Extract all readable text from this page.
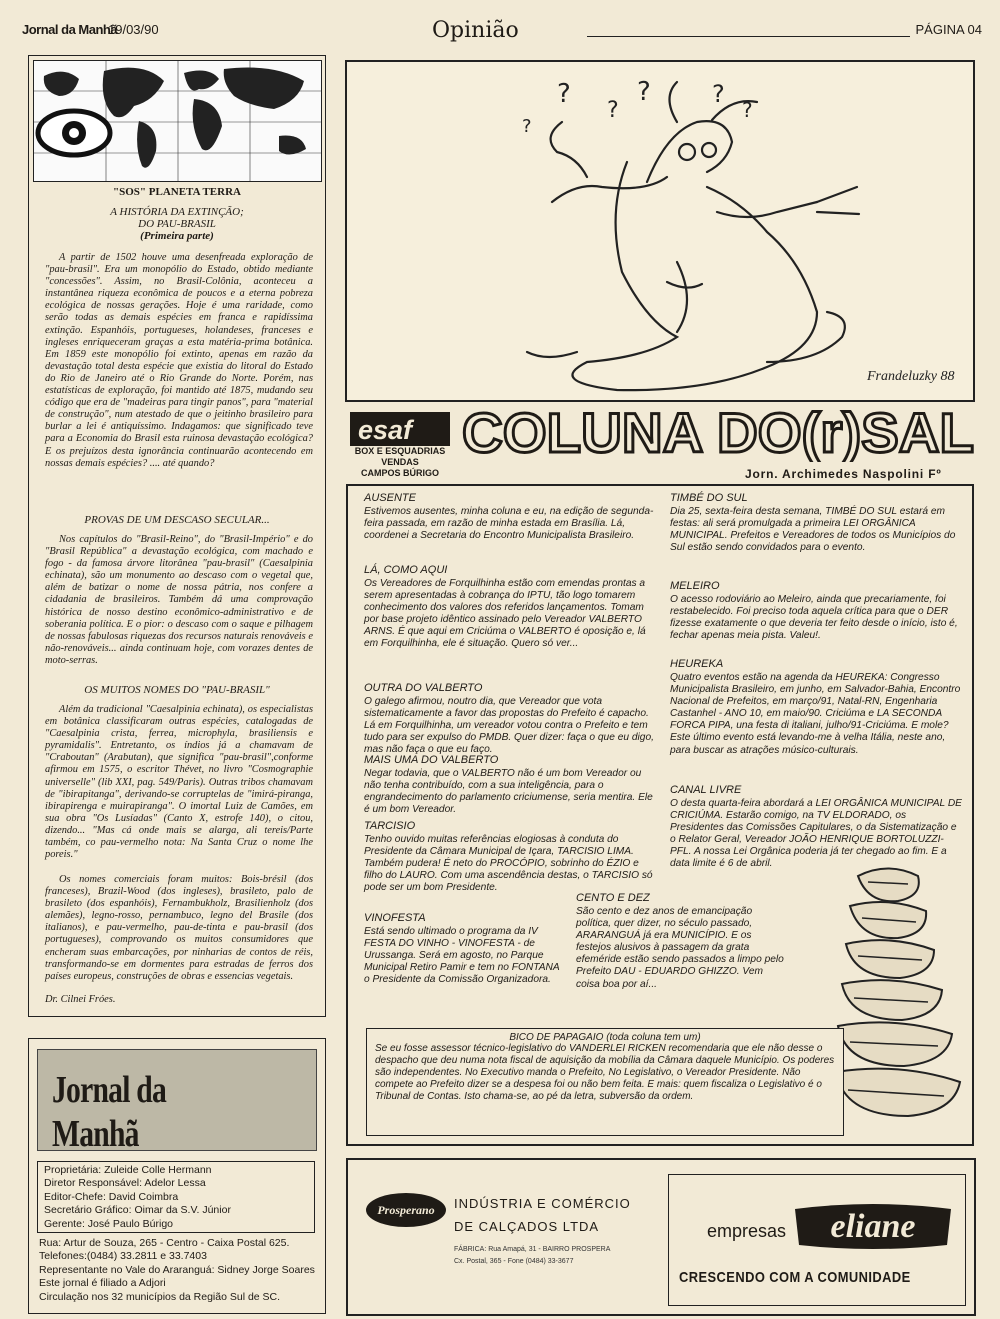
Jornal da Manhã
19/03/90	Opinião	PÁGINA 04
"SOS" PLANETA TERRA
A HISTÓRIA DA EXTINÇÃO;
DO PAU-BRASIL
(Primeira parte)

A partir de 1502 houve uma desenfreada exploração de "pau-brasil". Era um monopólio do Estado, obtido mediante "concessões". Assim, no Brasil-Colônia, aconteceu a instantânea riqueza econômica de poucos e a eterna pobreza ecológica de nossas gerações. Hoje é uma raridade, como serão todas as demais espécies em franca e rapidíssima extinção. Espanhóis, portugueses, holandeses, franceses e ingleses enriqueceram graças a esta matéria-prima botânica. Em 1859 este monopólio foi extinto, apenas em razão da devastação total desta espécie que existia do litoral do Estado do Rio de Janeiro até o Rio Grande do Norte. Porém, nas estatísticas de exploração, foi mantido até 1875, mudando seu código que era de "madeiras para tingir panos", para "material de construção", num atestado de que o jeitinho brasileiro para burlar a lei é antiquíssimo. Indagamos: que significado teve para a Economia do Brasil esta ruinosa devastação ecológica? E os prejuízos desta ignorância continuarão acontecendo em nossas demais espécies? .... até quando?

PROVAS DE UM DESCASO SECULAR...

Nos capítulos do "Brasil-Reino", do "Brasil-Império" e do "Brasil República" a devastação ecológica, com machado e fogo - da famosa árvore litorânea "pau-brasil" (Caesalpinia echinata), são um monumento ao descaso com o vegetal que, além de batizar o nome de nossa pátria, nos confere a cidadania de brasileiros. Também dá uma comprovação histórica de nosso destino econômico-administrativo e de soberania política. E o pior: o descaso com o saque e pilhagem de nossas fabulosas riquezas dos recursos naturais renováveis e não-renováveis... ainda continuam hoje, com vorazes dentes de moto-serras.

OS MUITOS NOMES DO "PAU-BRASIL"

Além da tradicional "Caesalpinia echinata), os especialistas em botânica classificaram outras espécies, catalogadas de "Caesalpinia crista, ferrea, microphyla, brasiliensis e pyramidalis". Entretanto, os índios já a chamavam de "Craboutan" (Arabutan), que significa "pau-brasil",conforme afirmou em 1575, o escritor Thévet, no livro "Cosmographie universelle" (lib XXI, pag. 549/Paris). Outras tribos chamavam de "ibirapitanga", derivando-se corruptelas de "imirá-piranga, ibirapirenga e muirapiranga". O imortal Luiz de Camões, em sua obra "Os Lusíadas" (Canto X, estrofe 140), o citou, dizendo... "Mas cá onde mais se alarga, ali tereis/Parte também, co pau-vermelho nota: Na Santa Cruz o nome lhe poreis."

Os nomes comerciais foram muitos: Bois-brésil (dos franceses), Brazil-Wood (dos ingleses), brasileto, palo de brasileto (dos espanhóis), Fernambukholz, Brasilienholz (dos alemães), legno-rosso, pernambuco, legno del Brasile (dos italianos), e pau-vermelho, pau-de-tinta e pau-brasil (dos portugueses), comprovando os muitos consumidores que encheram suas embarcações, por ninharias de contos de réis, transformando-se em dormentes para estradas de ferros dos países europeus, construções de obras e essencias vegetais.

Dr. Cilnei Fróes.

Jornal da Manhã
Proprietária: Zuleide Colle Hermann
Diretor Responsável: Adelor Lessa
Editor-Chefe: David Coimbra
Secretário Gráfico: Oimar da S.V. Júnior
Gerente: José Paulo Búrigo
Rua: Artur de Souza, 265 - Centro - Caixa Postal 625.
Telefones:(0484) 33.2811 e 33.7403
Representante no Vale do Araranguá: Sidney Jorge Soares
Este jornal é filiado a Adjori
Circulação nos 32 municípios da Região Sul de SC.
?
?
?	?
?
?
Frandeluzky 88
esaf
BOX E ESQUADRIAS
VENDAS
CAMPOS BÚRIGO
COLUNA DO(r)SAL
Jorn. Archimedes Naspolini Fº
AUSENTE
Estivemos ausentes, minha coluna e eu, na edição de segunda-feira passada, em razão de minha estada em Brasília. Lá, coordenei a Secretaria do Encontro Municipalista Brasileiro.
LÁ, COMO AQUI
Os Vereadores de Forquilhinha estão com emendas prontas a serem apresentadas à cobrança do IPTU, tão logo tomarem conhecimento dos valores dos referidos lançamentos. Tomam por base projeto idêntico assinado pelo Vereador VALBERTO ARNS. É que aqui em Criciúma o VALBERTO é oposição e, lá em Forquilhinha, ele é situação. Quero só ver...
OUTRA DO VALBERTO
O galego afirmou, noutro dia, que Vereador que vota sistematicamente a favor das propostas do Prefeito é capacho. Lá em Forquilhinha, um vereador votou contra o Prefeito e tem tudo para ser expulso do PMDB. Quer dizer: faça o que eu digo, mas não faça o que eu faço.
MAIS UMA DO VALBERTO
Negar todavia, que o VALBERTO não é um bom Vereador ou não tenha contribuído, com a sua inteligência, para o engrandecimento do parlamento criciumense, seria mentira. Ele é um bom Vereador.
TARCISIO
Tenho ouvido muitas referências elogiosas à conduta do Presidente da Câmara Municipal de Içara, TARCISIO LIMA. Também pudera! É neto do PROCÓPIO, sobrinho do ÉZIO e filho do LAURO. Com uma ascendência destas, o TARCISIO só pode ser um bom Presidente.
VINOFESTA
Está sendo ultimado o programa da IV FESTA DO VINHO - VINOFESTA - de Urussanga. Será em agosto, no Parque Municipal Retiro Pamir e tem no FONTANA o Presidente da Comissão Organizadora.
TIMBÉ DO SUL
Dia 25, sexta-feira desta semana, TIMBÉ DO SUL estará em festas: ali será promulgada a primeira LEI ORGÂNICA MUNICIPAL. Prefeitos e Vereadores de todos os Municípios do Sul estão sendo convidados para o evento.
MELEIRO
O acesso rodoviário ao Meleiro, ainda que precariamente, foi restabelecido. Foi preciso toda aquela crítica para que o DER fizesse exatamente o que deveria ter feito desde o início, isto é, fechar apenas meia pista. Valeu!.
HEUREKA
Quatro eventos estão na agenda da HEUREKA: Congresso Municipalista Brasileiro, em junho, em Salvador-Bahia, Encontro Nacional de Prefeitos, em março/91, Natal-RN, Engenharia Castanhel - ANO 10, em maio/90. Criciúma e LA SECONDA FORCA PIPA, una festa di italiani, julho/91-Criciúma. E mole? Este último evento está levando-me à velha Itália, neste ano, para buscar as atrações músico-culturais.
CANAL LIVRE
O desta quarta-feira abordará a LEI ORGÂNICA MUNICIPAL DE CRICIÚMA. Estarão comigo, na TV ELDORADO, os Presidentes das Comissões Capitulares, o da Sistematização e o Relator Geral, Vereador JOÃO HENRIQUE BORTOLUZZI-PFL. A nossa Lei Orgânica poderia já ter chegado ao fim. E a data limite é 6 de abril.
CENTO E DEZ
São cento e dez anos de emancipação política, quer dizer, no século passado, ARARANGUÁ já era MUNICÍPIO. E os festejos alusivos à passagem da grata efeméride estão sendo passados a limpo pelo Prefeito DAU - EDUARDO GHIZZO. Vem coisa boa por aí...
BICO DE PAPAGAIO (toda coluna tem um)
Se eu fosse assessor técnico-legislativo do VANDERLEI RICKEN recomendaria que ele não desse o despacho que deu numa nota fiscal de aquisição da mobília da Câmara daquele Município. Os poderes são independentes. No Executivo manda o Prefeito, No Legislativo, o Vereador Presidente. Não compete ao Prefeito dizer se a despesa foi ou não bem feita. E mais: quem fiscaliza o Legislativo é o Tribunal de Contas. Isto chama-se, ao pé da letra, subversão da ordem.
Prosperano INDÚSTRIA E COMÉRCIO
DE CALÇADOS LTDA
FÁBRICA: Rua Amapá, 31 - BAIRRO PROSPERA
Cx. Postal, 365 - Fone (0484) 33-3677
empresas eliane
CRESCENDO COM A COMUNIDADE
